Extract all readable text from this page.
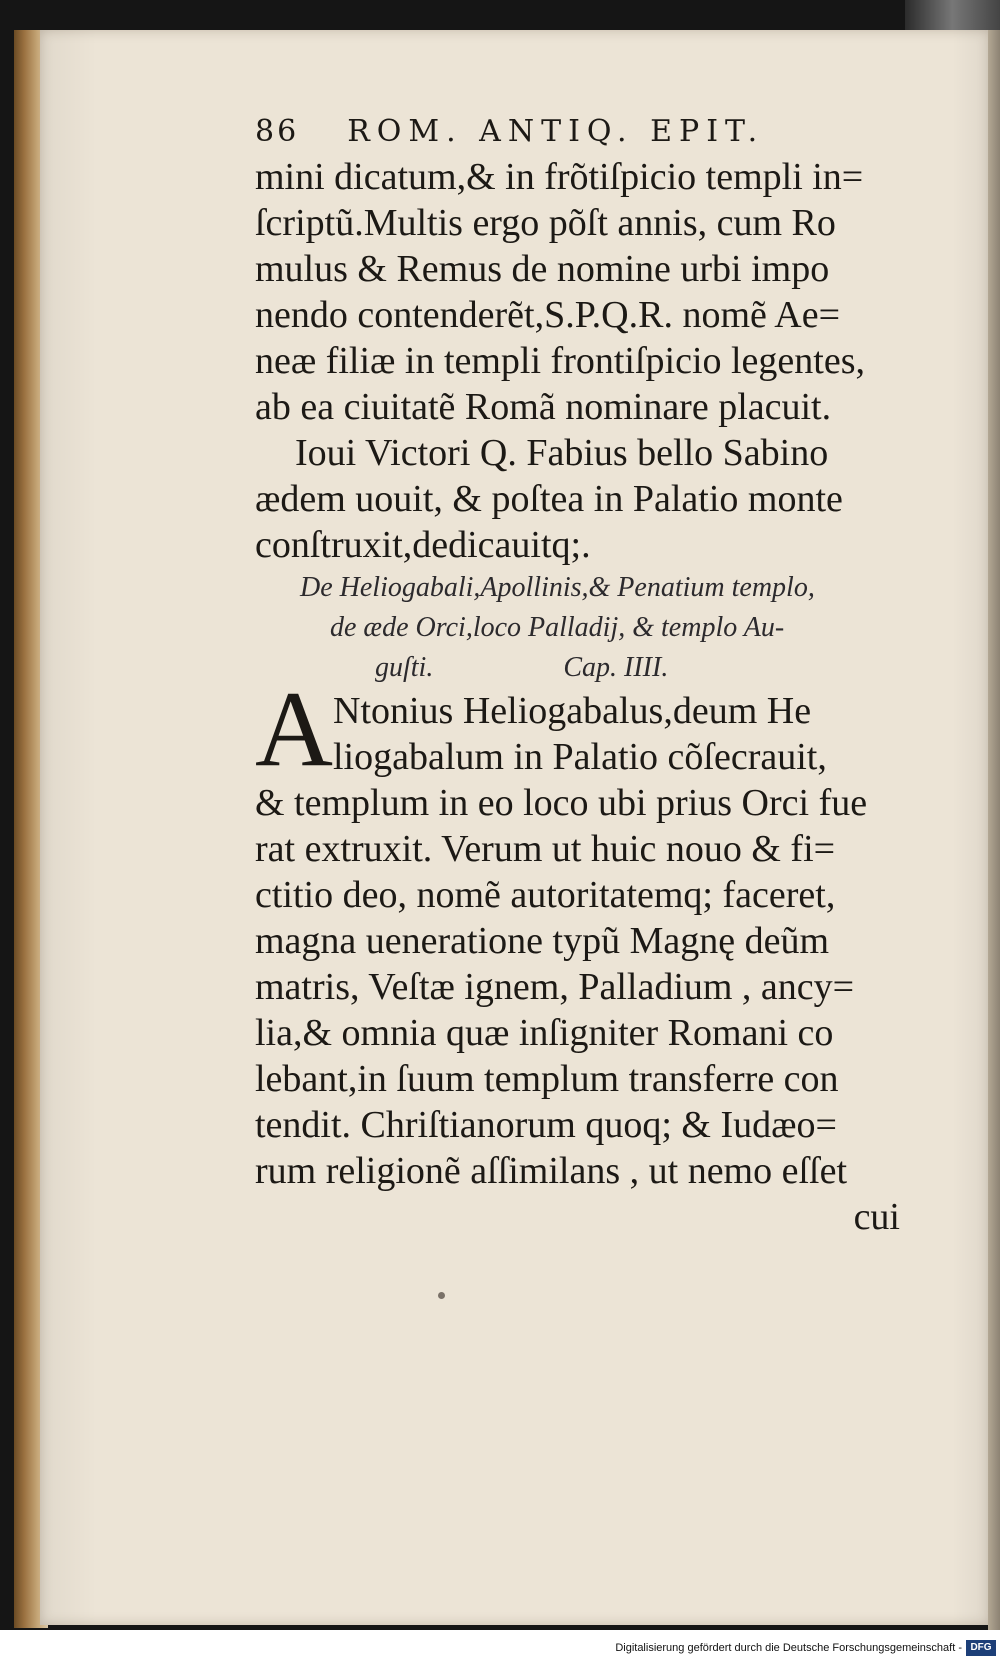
86 ROM. ANTIQ. EPIT.
mini dicatum,& in frõtiſpicio templi in=
ſcriptũ.Multis ergo põſt annis, cum Ro
mulus & Remus de nomine urbi impo
nendo contenderẽt,S.P.Q.R. nomẽ Ae=
neæ filiæ in templi frontiſpicio legentes,
ab ea ciuitatẽ Romã nominare placuit.
Ioui Victori Q. Fabius bello Sabino
ædem uouit, & poſtea in Palatio monte
conſtruxit,dedicauitq;.
De Heliogabali,Apollinis,& Penatium templo,
de æde Orci,loco Palladij, & templo Au-
guſti.	Cap. IIII.
A Ntonius Heliogabalus,deum He
liogabalum in Palatio cõſecrauit,
& templum in eo loco ubi prius Orci fue
rat extruxit. Verum ut huic nouo & fi=
ctitio deo, nomẽ autoritatemq; faceret,
magna ueneratione typũ Magnę deũm
matris, Veſtæ ignem, Palladium , ancy=
lia,& omnia quæ inſigniter Romani co
lebant,in ſuum templum transferre con
tendit. Chriſtianorum quoq; & Iudæo=
rum religionẽ aſſimilans , ut nemo eſſet
cui
Digitalisierung gefördert durch die Deutsche Forschungsgemeinschaft - DFG
